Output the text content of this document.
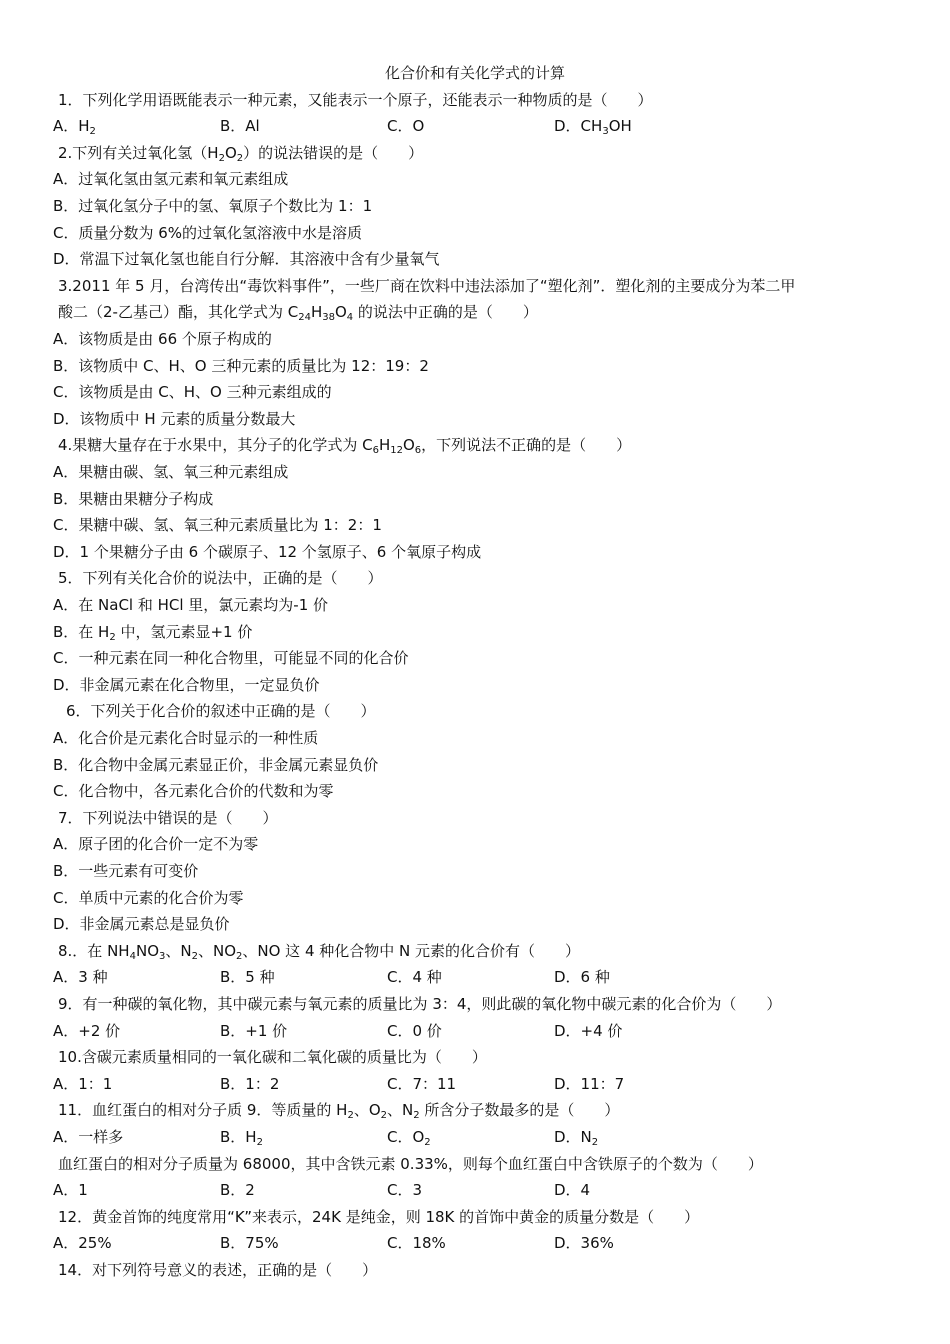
化合价和有关化学式的计算
1．下列化学用语既能表示一种元素，又能表示一个原子，还能表示一种物质的是（　　）
A．$H_2$	B．Al	C．O	D．$CH_3OH$
2.下列有关过氧化氢$(H_2O_2)$的说法错误的是（　　）
A．过氧化氢由氢元素和氧元素组成
B．过氧化氢分子中的氢、氧原子个数比为 1：1
C．质量分数为 6%的过氧化氢溶液中水是溶质
D．常温下过氧化氢也能自行分解．其溶液中含有少量氧气
3.2011 年 5 月，台湾传出“毒饮料事件”，一些厂商在饮料中违法添加了“塑化剂”．塑化剂的主要成分为苯二甲
酸二（2-乙基己）酯，其化学式为 $C_{24}H_{38}O_4$ 的说法中正确的是（　　）
A．该物质是由 66 个原子构成的
B．该物质中 C、H、O 三种元素的质量比为 12：19：2
C．该物质是由 C、H、O 三种元素组成的
D．该物质中 H 元素的质量分数最大
4.果糖大量存在于水果中，其分子的化学式为 $C_6H_{12}O_6$，下列说法不正确的是（　　）
A．果糖由碳、氢、氧三种元素组成
B．果糖由果糖分子构成
C．果糖中碳、氢、氧三种元素质量比为 1：2：1
D．1 个果糖分子由 6 个碳原子、12 个氢原子、6 个氧原子构成
5．下列有关化合价的说法中，正确的是（　　）
A．在 NaCl 和 HCl 里，氯元素均为-1 价
B．在 $H_2$ 中，氢元素显+1 价
C．一种元素在同一种化合物里，可能显不同的化合价
D．非金属元素在化合物里，一定显负价
6．下列关于化合价的叙述中正确的是（　　）
A．化合价是元素化合时显示的一种性质
B．化合物中金属元素显正价，非金属元素显负价
C．化合物中，各元素化合价的代数和为零
7．下列说法中错误的是（　　）
A．原子团的化合价一定不为零
B．一些元素有可变价
C．单质中元素的化合价为零
D．非金属元素总是显负价
8.．在 $NH_4NO_3$、$N_2$、$NO_2$、NO 这 4 种化合物中 N 元素的化合价有（　　）
A．3 种	B．5 种	C．4 种	D．6 种
9．有一种碳的氧化物，其中碳元素与氧元素的质量比为 3：4，则此碳的氧化物中碳元素的化合价为（　　）
A．+2 价	B．+1 价	C．0 价	D．+4 价
10.含碳元素质量相同的一氧化碳和二氧化碳的质量比为（　　）
A．1：1	B．1：2	C．7：11	D．11：7
11．血红蛋白的相对分子质 9．等质量的 $H_2$、$O_2$、$N_2$ 所含分子数最多的是（　　）
A．一样多	B．$H_2$	C．$O_2$	D．$N_2$
血红蛋白的相对分子质量为 68000，其中含铁元素 0.33%，则每个血红蛋白中含铁原子的个数为（　　）
A．1	B．2	C．3	D．4
12．黄金首饰的纯度常用“K”来表示，24K 是纯金，则 18K 的首饰中黄金的质量分数是（　　）
A．25%	B．75%	C．18%	D．36%
14．对下列符号意义的表述，正确的是（　　）
